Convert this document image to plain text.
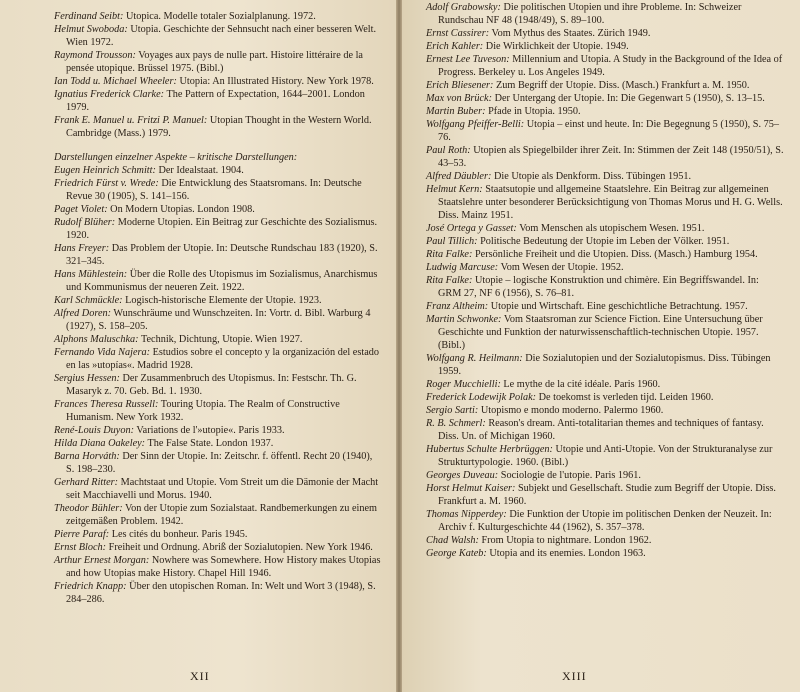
Ferdinand Seibt: Utopica. Modelle totaler Sozialplanung. 1972.

Helmut Swoboda: Utopia. Geschichte der Sehnsucht nach einer besseren Welt. Wien 1972.

Raymond Trousson: Voyages aux pays de nulle part. Histoire littéraire de la pensée utopique. Brüssel 1975. (Bibl.)

Ian Todd u. Michael Wheeler: Utopia: An Illustrated History. New York 1978.

Ignatius Frederick Clarke: The Pattern of Expectation, 1644–2001. London 1979.

Frank E. Manuel u. Fritzi P. Manuel: Utopian Thought in the Western World. Cambridge (Mass.) 1979.

Darstellungen einzelner Aspekte – kritische Darstellungen:

Eugen Heinrich Schmitt: Der Idealstaat. 1904.

Friedrich Fürst v. Wrede: Die Entwicklung des Staatsromans. In: Deutsche Revue 30 (1905), S. 141–156.

Paget Violet: On Modern Utopias. London 1908.

Rudolf Blüher: Moderne Utopien. Ein Beitrag zur Geschichte des Sozialismus. 1920.

Hans Freyer: Das Problem der Utopie. In: Deutsche Rundschau 183 (1920), S. 321–345.

Hans Mühlestein: Über die Rolle des Utopismus im Sozialismus, Anarchismus und Kommunismus der neueren Zeit. 1922.

Karl Schmückle: Logisch-historische Elemente der Utopie. 1923.

Alfred Doren: Wunschräume und Wunschzeiten. In: Vortr. d. Bibl. Warburg 4 (1927), S. 158–205.

Alphons Maluschka: Technik, Dichtung, Utopie. Wien 1927.

Fernando Vida Najera: Estudios sobre el concepto y la organización del estado en las »utopías«. Madrid 1928.

Sergius Hessen: Der Zusammenbruch des Utopismus. In: Festschr. Th. G. Masaryk z. 70. Geb. Bd. 1. 1930.

Frances Theresa Russell: Touring Utopia. The Realm of Constructive Humanism. New York 1932.

René-Louis Duyon: Variations de l'»utopie«. Paris 1933.

Hilda Diana Oakeley: The False State. London 1937.

Barna Horváth: Der Sinn der Utopie. In: Zeitschr. f. öffentl. Recht 20 (1940), S. 198–230.

Gerhard Ritter: Machtstaat und Utopie. Vom Streit um die Dämonie der Macht seit Macchiavelli und Morus. 1940.

Theodor Bühler: Von der Utopie zum Sozialstaat. Randbemerkungen zu einem zeitgemäßen Problem. 1942.

Pierre Paraf: Les cités du bonheur. Paris 1945.

Ernst Bloch: Freiheit und Ordnung. Abriß der Sozialutopien. New York 1946.

Arthur Ernest Morgan: Nowhere was Somewhere. How History makes Utopias and how Utopias make History. Chapel Hill 1946.

Friedrich Knapp: Über den utopischen Roman. In: Welt und Wort 3 (1948), S. 284–286.

XII

Adolf Grabowsky: Die politischen Utopien und ihre Probleme. In: Schweizer Rundschau NF 48 (1948/49), S. 89–100.

Ernst Cassirer: Vom Mythus des Staates. Zürich 1949.

Erich Kahler: Die Wirklichkeit der Utopie. 1949.

Ernest Lee Tuveson: Millennium and Utopia. A Study in the Background of the Idea of Progress. Berkeley u. Los Angeles 1949.

Erich Bliesener: Zum Begriff der Utopie. Diss. (Masch.) Frankfurt a. M. 1950.

Max von Brück: Der Untergang der Utopie. In: Die Gegenwart 5 (1950), S. 13–15.

Martin Buber: Pfade in Utopia. 1950.

Wolfgang Pfeiffer-Belli: Utopia – einst und heute. In: Die Begegnung 5 (1950), S. 75–76.

Paul Roth: Utopien als Spiegelbilder ihrer Zeit. In: Stimmen der Zeit 148 (1950/51), S. 43–53.

Alfred Däubler: Die Utopie als Denkform. Diss. Tübingen 1951.

Helmut Kern: Staatsutopie und allgemeine Staatslehre. Ein Beitrag zur allgemeinen Staatslehre unter besonderer Berücksichtigung von Thomas Morus und H. G. Wells. Diss. Mainz 1951.

José Ortega y Gasset: Vom Menschen als utopischem Wesen. 1951.

Paul Tillich: Politische Bedeutung der Utopie im Leben der Völker. 1951.

Rita Falke: Persönliche Freiheit und die Utopien. Diss. (Masch.) Hamburg 1954.

Ludwig Marcuse: Vom Wesen der Utopie. 1952.

Rita Falke: Utopie – logische Konstruktion und chimère. Ein Begriffswandel. In: GRM 27, NF 6 (1956), S. 76–81.

Franz Altheim: Utopie und Wirtschaft. Eine geschichtliche Betrachtung. 1957.

Martin Schwonke: Vom Staatsroman zur Science Fiction. Eine Untersuchung über Geschichte und Funktion der naturwissenschaftlich-technischen Utopie. 1957. (Bibl.)

Wolfgang R. Heilmann: Die Sozialutopien und der Sozialutopismus. Diss. Tübingen 1959.

Roger Mucchielli: Le mythe de la cité idéale. Paris 1960.

Frederick Lodewijk Polak: De toekomst is verleden tijd. Leiden 1960.

Sergio Sarti: Utopismo e mondo moderno. Palermo 1960.

R. B. Schmerl: Reason's dream. Anti-totalitarian themes and techniques of fantasy. Diss. Un. of Michigan 1960.

Hubertus Schulte Herbrüggen: Utopie und Anti-Utopie. Von der Strukturanalyse zur Strukturtypologie. 1960. (Bibl.)

Georges Duveau: Sociologie de l'utopie. Paris 1961.

Horst Helmut Kaiser: Subjekt und Gesellschaft. Studie zum Begriff der Utopie. Diss. Frankfurt a. M. 1960.

Thomas Nipperdey: Die Funktion der Utopie im politischen Denken der Neuzeit. In: Archiv f. Kulturgeschichte 44 (1962), S. 357–378.

Chad Walsh: From Utopia to nightmare. London 1962.

George Kateb: Utopia and its enemies. London 1963.

XIII
